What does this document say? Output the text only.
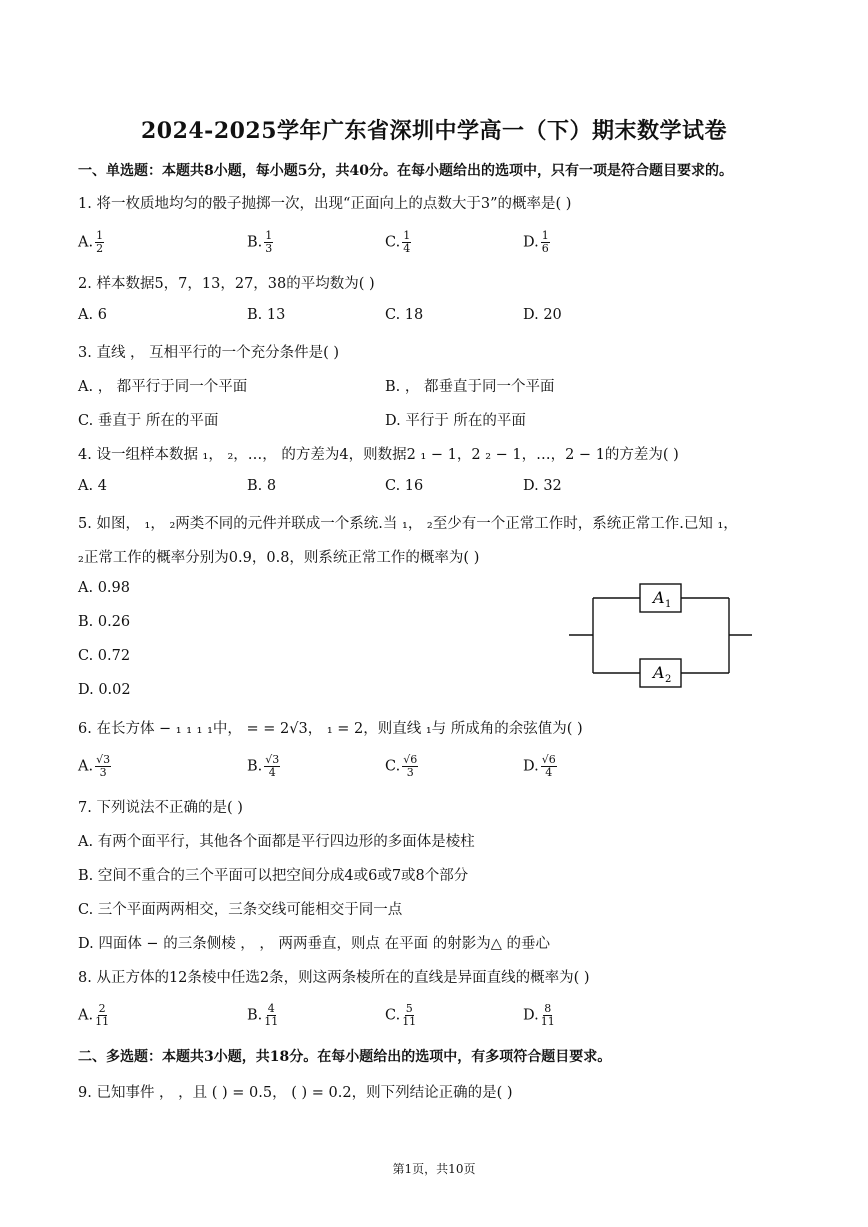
2024-2025学年广东省深圳中学高一（下）期末数学试卷
一、单选题：本题共8小题，每小题5分，共40分。在每小题给出的选项中，只有一项是符合题目要求的。
1. 将一枚质地均匀的骰子抛掷一次，出现“正面向上的点数大于3”的概率是( )
A. $\frac{1}{2}$	B. $\frac{1}{3}$	C. $\frac{1}{4}$	D. $\frac{1}{6}$
2. 样本数据5，7，13，27，38的平均数为( )
A. 6	B. 13	C. 18	D. 20
3. 直线 ， 互相平行的一个充分条件是( )
A. ， 都平行于同一个平面	B. ， 都垂直于同一个平面
C. 垂直于 所在的平面	D. 平行于 所在的平面
4. 设一组样本数据 ₁， ₂，…， 的方差为4，则数据2 ₁ − 1，2 ₂ − 1，…，2 − 1的方差为( )
A. 4	B. 8	C. 16	D. 32
5. 如图， ₁， ₂两类不同的元件并联成一个系统.当 ₁， ₂至少有一个正常工作时，系统正常工作.已知 ₁，
₂正常工作的概率分别为0.9，0.8，则系统正常工作的概率为( )
A. 0.98
B. 0.26
C. 0.72
D. 0.02
A 1
A 2
6. 在长方体 − ₁ ₁ ₁ ₁中， = = 2√3， ₁ = 2，则直线 ₁与 所成角的余弦值为( )
A. $\frac{√3}{3}$	B. $\frac{√3}{4}$	C. $\frac{√6}{3}$	D. $\frac{√6}{4}$
7. 下列说法不正确的是( )
A. 有两个面平行，其他各个面都是平行四边形的多面体是棱柱
B. 空间不重合的三个平面可以把空间分成4或6或7或8个部分
C. 三个平面两两相交，三条交线可能相交于同一点
D. 四面体 − 的三条侧棱 ， ， 两两垂直，则点 在平面 的射影为△ 的垂心
8. 从正方体的12条棱中任选2条，则这两条棱所在的直线是异面直线的概率为( )
A. $\frac{2}{11}$	B. $\frac{4}{11}$	C. $\frac{5}{11}$	D. $\frac{8}{11}$
二、多选题：本题共3小题，共18分。在每小题给出的选项中，有多项符合题目要求。
9. 已知事件 ， ，且 ( ) = 0.5， ( ) = 0.2，则下列结论正确的是( )
第1页，共10页
